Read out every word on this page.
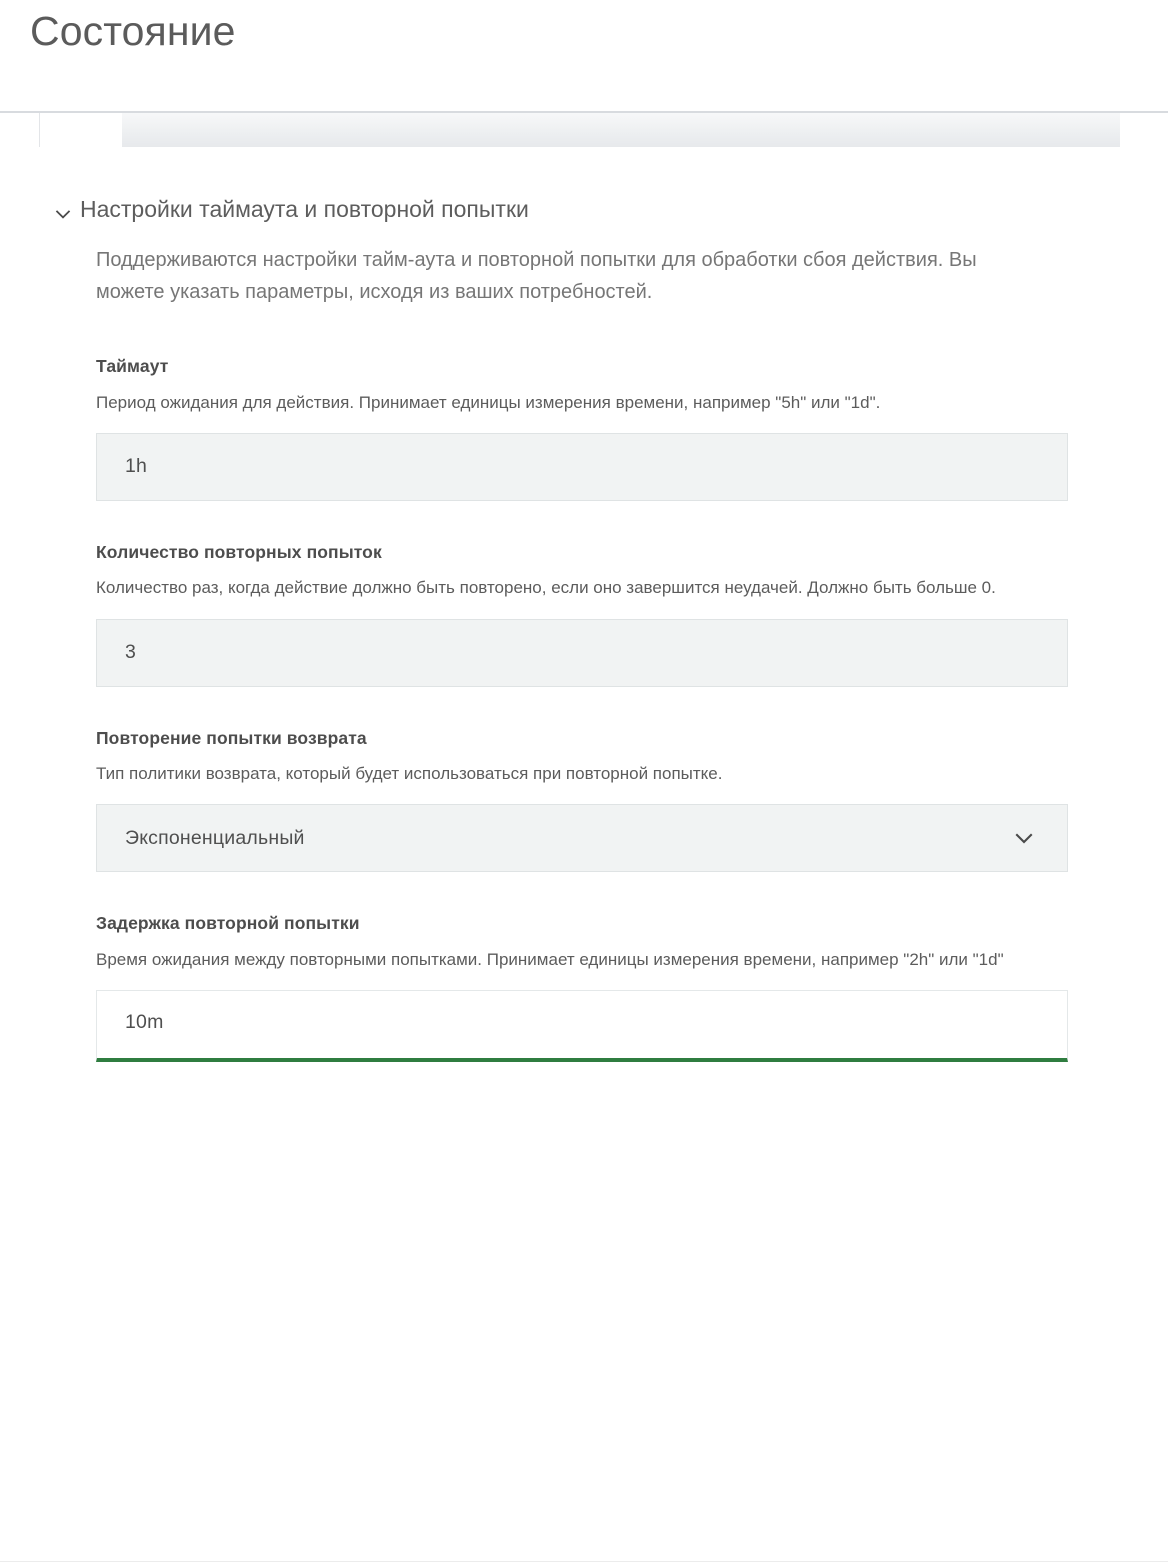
Состояние
Настройки таймаута и повторной попытки

Поддерживаются настройки тайм-аута и повторной попытки для обработки сбоя действия. Вы можете указать параметры, исходя из ваших потребностей.

Таймаут
Период ожидания для действия. Принимает единицы измерения времени, например "5h" или "1d".
1h
Количество повторных попыток
Количество раз, когда действие должно быть повторено, если оно завершится неудачей. Должно быть больше 0.
3
Повторение попытки возврата
Тип политики возврата, который будет использоваться при повторной попытке.
Экспоненциальный
Задержка повторной попытки
Время ожидания между повторными попытками. Принимает единицы измерения времени, например "2h" или "1d"
10m
